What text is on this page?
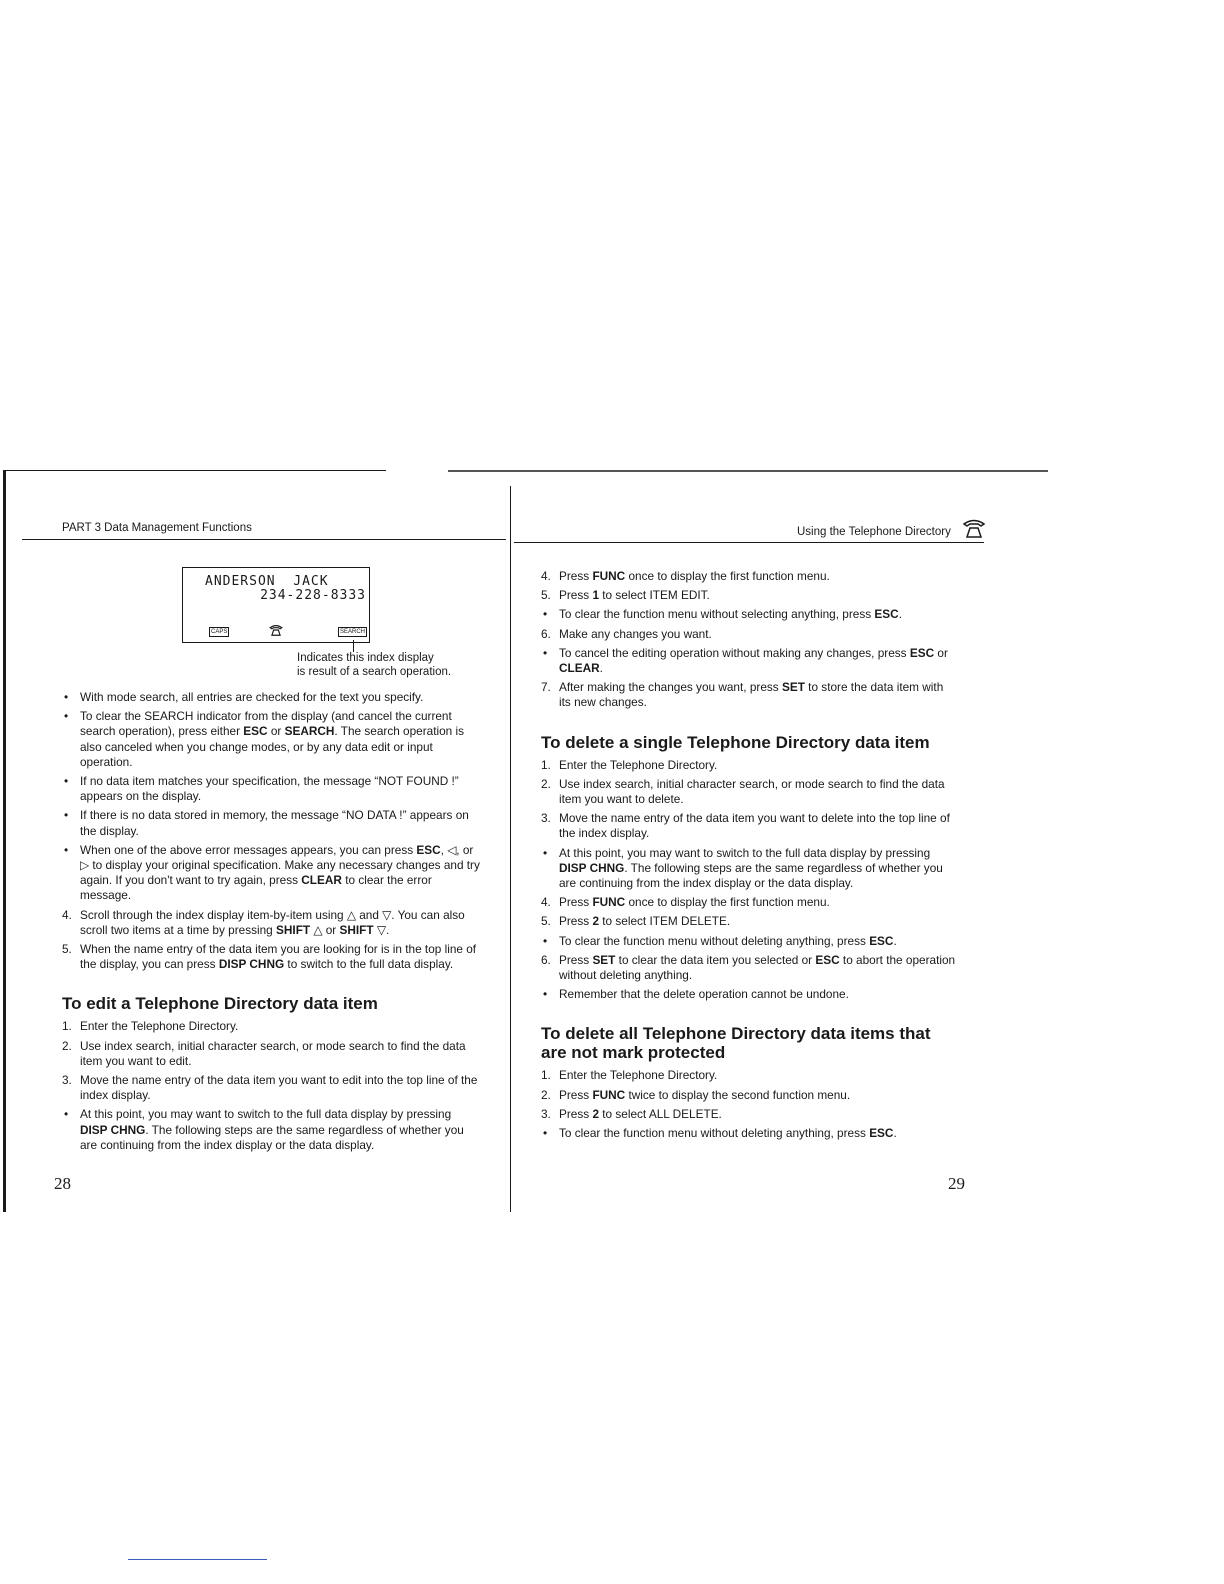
PART 3 Data Management Functions	Using the Telephone Directory
ANDERSON  JACK
234-228-8333
CAPS	SEARCH
Indicates this index display
is result of a search operation.
• With mode search, all entries are checked for the text you specify.
• To clear the SEARCH indicator from the display (and cancel the current search operation), press either ESC or SEARCH. The search operation is also canceled when you change modes, or by any data edit or input operation.
• If no data item matches your specification, the message “NOT FOUND !” appears on the display.
• If there is no data stored in memory, the message “NO DATA !” appears on the display.
• When one of the above error messages appears, you can press ESC, ◁, or ▷ to display your original specification. Make any necessary changes and try again. If you don't want to try again, press CLEAR to clear the error message.
4. Scroll through the index display item-by-item using △ and ▽. You can also scroll two items at a time by pressing SHIFT △ or SHIFT ▽.
5. When the name entry of the data item you are looking for is in the top line of the display, you can press DISP CHNG to switch to the full data display.
To edit a Telephone Directory data item
1. Enter the Telephone Directory.
2. Use index search, initial character search, or mode search to find the data item you want to edit.
3. Move the name entry of the data item you want to edit into the top line of the index display.
• At this point, you may want to switch to the full data display by pressing DISP CHNG. The following steps are the same regardless of whether you are continuing from the index display or the data display.
28
4. Press FUNC once to display the first function menu.
5. Press 1 to select ITEM EDIT.
• To clear the function menu without selecting anything, press ESC.
6. Make any changes you want.
• To cancel the editing operation without making any changes, press ESC or CLEAR.
7. After making the changes you want, press SET to store the data item with its new changes.
To delete a single Telephone Directory data item
1. Enter the Telephone Directory.
2. Use index search, initial character search, or mode search to find the data item you want to delete.
3. Move the name entry of the data item you want to delete into the top line of the index display.
• At this point, you may want to switch to the full data display by pressing DISP CHNG. The following steps are the same regardless of whether you are continuing from the index display or the data display.
4. Press FUNC once to display the first function menu.
5. Press 2 to select ITEM DELETE.
• To clear the function menu without deleting anything, press ESC.
6. Press SET to clear the data item you selected or ESC to abort the operation without deleting anything.
• Remember that the delete operation cannot be undone.
To delete all Telephone Directory data items that
are not mark protected
1. Enter the Telephone Directory.
2. Press FUNC twice to display the second function menu.
3. Press 2 to select ALL DELETE.
• To clear the function menu without deleting anything, press ESC.
29
